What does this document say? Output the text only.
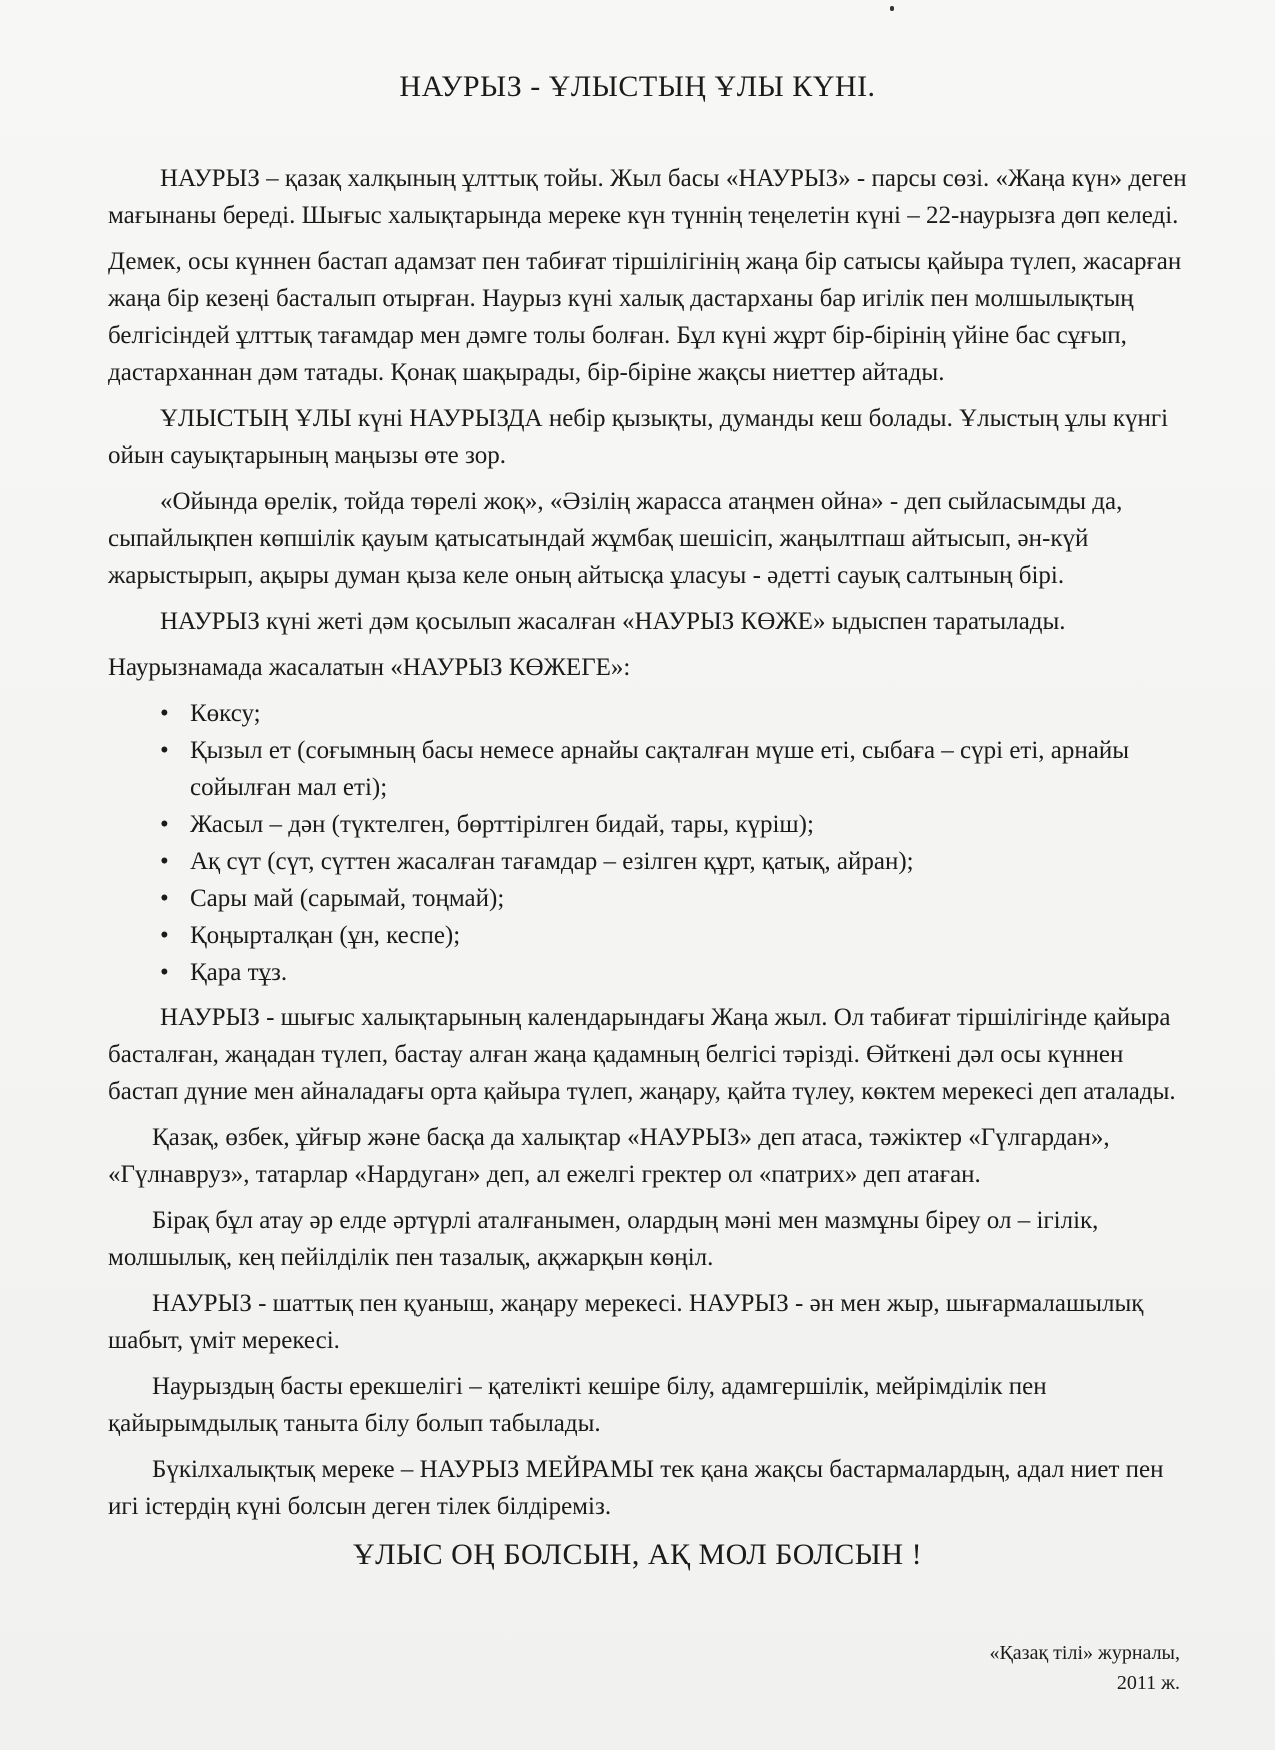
НАУРЫЗ - ҰЛЫСТЫҢ ҰЛЫ КҮНІ.

НАУРЫЗ – қазақ халқының ұлттық тойы. Жыл басы «НАУРЫЗ» - парсы сөзі. «Жаңа күн» деген мағынаны береді. Шығыс халықтарында мереке күн түннің теңелетін күні – 22-наурызға дөп келеді.

Демек, осы күннен бастап адамзат пен табиғат тіршілігінің жаңа бір сатысы қайыра түлеп, жасарған жаңа бір кезеңі басталып отырған. Наурыз күні халық дастарханы бар игілік пен молшылықтың белгісіндей ұлттық тағамдар мен дәмге толы болған. Бұл күні жұрт бір-бірінің үйіне бас сұғып, дастарханнан дәм татады. Қонақ шақырады, бір-біріне жақсы ниеттер айтады.

ҰЛЫСТЫҢ ҰЛЫ күні НАУРЫЗДА небір қызықты, думанды кеш болады. Ұлыстың ұлы күнгі ойын сауықтарының маңызы өте зор.

«Ойында өрелік, тойда төрелі жоқ», «Әзілің жарасса атаңмен ойна» - деп сыйласымды да, сыпайлықпен көпшілік қауым қатысатындай жұмбақ шешісіп, жаңылтпаш айтысып, ән-күй жарыстырып, ақыры думан қыза келе оның айтысқа ұласуы - әдетті сауық салтының бірі.

НАУРЫЗ күні жеті дәм қосылып жасалған «НАУРЫЗ КӨЖЕ» ыдыспен таратылады.

Наурызнамада жасалатын «НАУРЫЗ КӨЖЕГЕ»:

• Көксу;
• Қызыл ет (соғымның басы немесе арнайы сақталған мүше еті, сыбаға – сүрі еті, арнайы сойылған мал еті);
• Жасыл – дән (түктелген, бөрттірілген бидай, тары, күріш);
• Ақ сүт (сүт, сүттен жасалған тағамдар – езілген құрт, қатық, айран);
• Сары май (сарымай, тоңмай);
• Қоңырталқан (ұн, кеспе);
• Қара тұз.

НАУРЫЗ - шығыс халықтарының календарындағы Жаңа жыл. Ол табиғат тіршілігінде қайыра басталған, жаңадан түлеп, бастау алған жаңа қадамның белгісі тәрізді. Өйткені дәл осы күннен бастап дүние мен айналадағы орта қайыра түлеп, жаңару, қайта түлеу, көктем мерекесі деп аталады.

Қазақ, өзбек, ұйғыр және басқа да халықтар «НАУРЫЗ» деп атаса, тәжіктер «Гүлгардан», «Гүлнавруз», татарлар «Нардуган» деп, ал ежелгі гректер ол «патрих» деп атаған.

Бірақ бұл атау әр елде әртүрлі аталғанымен, олардың мәні мен мазмұны біреу ол – ігілік, молшылық, кең пейілділік пен тазалық, ақжарқын көңіл.

НАУРЫЗ - шаттық пен қуаныш, жаңару мерекесі. НАУРЫЗ - ән мен жыр, шығармалашылық шабыт, үміт мерекесі.

Наурыздың басты ерекшелігі – қателікті кешіре білу, адамгершілік, мейрімділік пен қайырымдылық таныта білу болып табылады.

Бүкілхалықтық мереке – НАУРЫЗ МЕЙРАМЫ тек қана жақсы бастармалардың, адал ниет пен игі істердің күні болсын деген тілек білдіреміз.

ҰЛЫС ОҢ БОЛСЫН, АҚ МОЛ БОЛСЫН !
«Қазақ тілі» журналы,
2011 ж.
